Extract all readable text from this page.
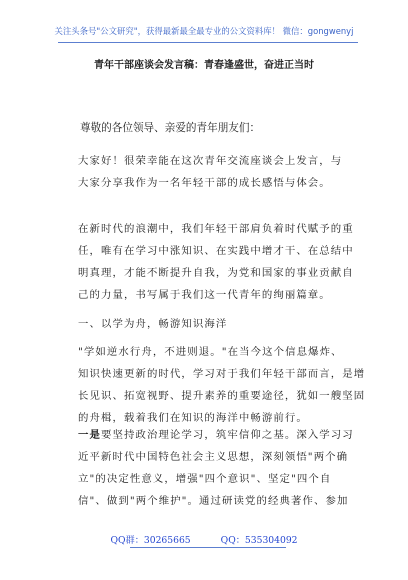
关注头条号"公文研究"，获得最新最全最专业的公文资料库！ 微信：gongwenyj
青年干部座谈会发言稿：青春逢盛世，奋进正当时
尊敬的各位领导、亲爱的青年朋友们：
大家好！很荣幸能在这次青年交流座谈会上发言，与
大家分享我作为一名年轻干部的成长感悟与体会。
在新时代的浪潮中，我们年轻干部肩负着时代赋予的重
任，唯有在学习中涨知识、在实践中增才干、在总结中
明真理，才能不断提升自我，为党和国家的事业贡献自
己的力量，书写属于我们这一代青年的绚丽篇章。
一、以学为舟，畅游知识海洋
"学如逆水行舟，不进则退。"在当今这个信息爆炸、
知识快速更新的时代，学习对于我们年轻干部而言，是增
长见识、拓宽视野、提升素养的重要途径，犹如一艘坚固
的舟楫，载着我们在知识的海洋中畅游前行。
一是要坚持政治理论学习，筑牢信仰之基。深入学习习
近平新时代中国特色社会主义思想，深刻领悟"两个确
立"的决定性意义，增强"四个意识"、坚定"四个自
信"、做到"两个维护"。通过研读党的经典著作、参加
QQ群：30265665	QQ：535304092
